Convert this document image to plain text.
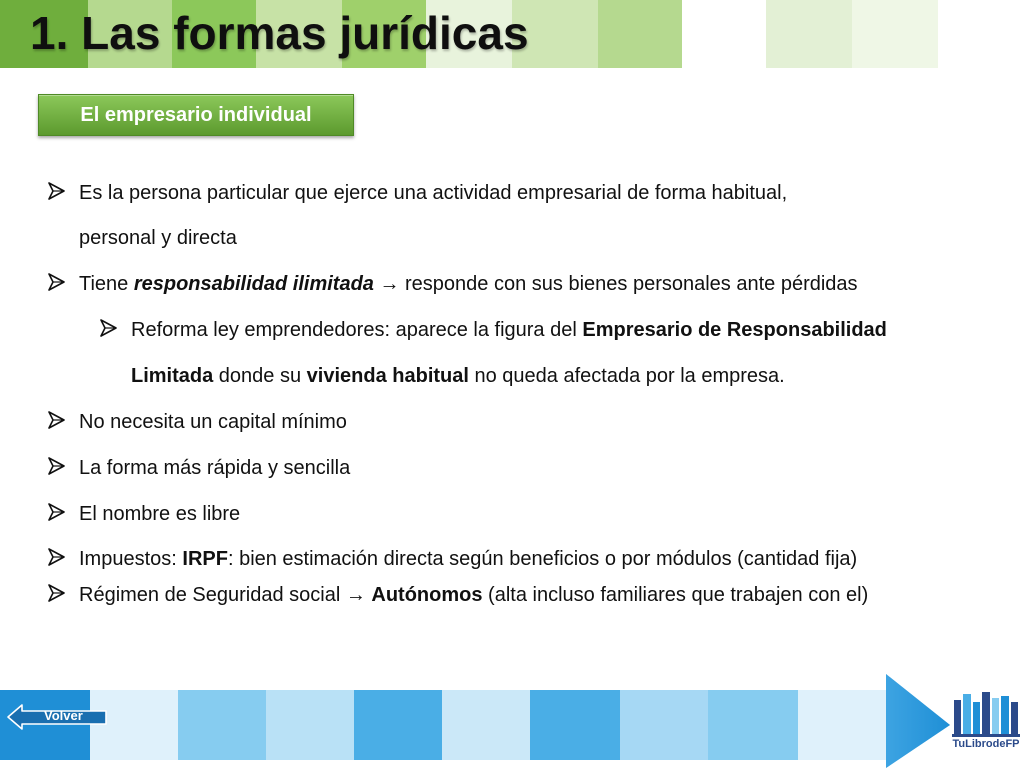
1. Las formas jurídicas
El empresario individual
Es la persona particular que ejerce una actividad empresarial de forma habitual,
personal y directa
Tiene responsabilidad ilimitada → responde con sus bienes personales ante pérdidas
Reforma ley emprendedores: aparece la figura del Empresario de Responsabilidad
Limitada donde su vivienda habitual no queda afectada por la empresa.
No necesita un capital mínimo
La forma más rápida y sencilla
El nombre es libre
Impuestos: IRPF: bien estimación directa según beneficios o por módulos (cantidad fija)
Régimen de Seguridad social → Autónomos (alta incluso familiares que trabajen con el)
Volver
TuLibrodeFP
